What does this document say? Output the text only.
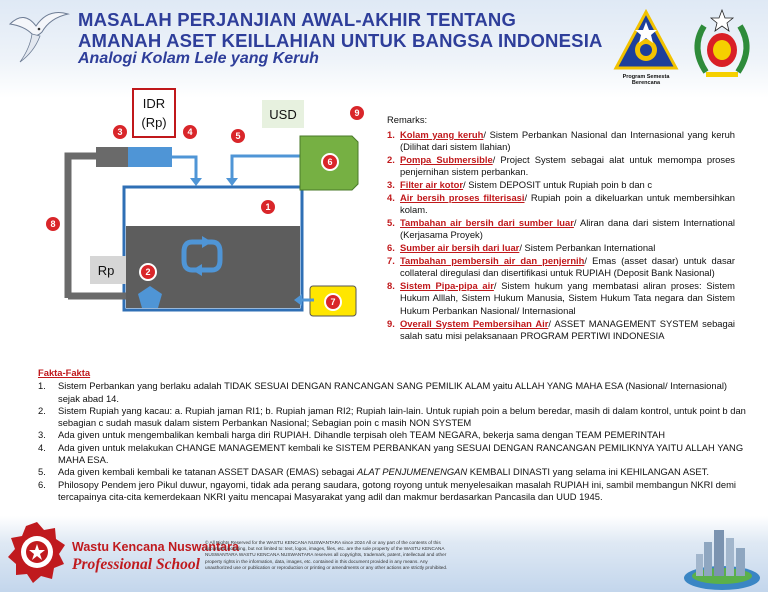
MASALAH PERJANJIAN AWAL-AKHIR TENTANG
AMANAH ASET KEILLAHIAN UNTUK BANGSA INDONESIA
Analogi Kolam Lele yang Keruh
Program Semesta Berencana
1
2
3	4	5
6
7
8
9
IDR
(Rp)
USD
Rp
Remarks:
1. Kolam yang keruh/ Sistem Perbankan Nasional dan Internasional yang keruh (Dilihat dari sistem Ilahian)
2. Pompa Submersible/ Project System sebagai alat untuk memompa proses penjernihan sistem perbankan.
3. Filter air kotor/ Sistem DEPOSIT untuk Rupiah poin b dan c
4. Air bersih proses filterisasi/ Rupiah poin a dikeluarkan untuk membersihkan kolam.
5. Tambahan air bersih dari sumber luar/ Aliran dana dari sistem International (Kerjasama Proyek)
6. Sumber air bersih dari luar/ Sistem Perbankan International
7. Tambahan pembersih air dan penjernih/ Emas (asset dasar) untuk dasar collateral diregulasi dan disertifikasi untuk RUPIAH (Deposit Bank Nasional)
8. Sistem Pipa-pipa air/ Sistem hukum yang membatasi aliran proses: Sistem Hukum Alllah, Sistem Hukum Manusia, Sistem Hukum Tata negara dan Sistem Hukum Perbankan Nasional/ Internasional
9. Overall System Pembersihan Air/ ASSET MANAGEMENT SYSTEM sebagai salah satu misi pelaksanaan PROGRAM PERTIWI INDONESIA
Fakta-Fakta
1. Sistem Perbankan yang berlaku adalah TIDAK SESUAI DENGAN RANCANGAN SANG PEMILIK ALAM yaitu ALLAH YANG MAHA ESA (Nasional/ Internasional) sejak abad 14.
2. Sistem Rupiah yang kacau: a. Rupiah jaman RI1; b. Rupiah jaman RI2; Rupiah lain-lain. Untuk rupiah poin a belum beredar, masih di dalam kontrol, untuk point b dan sebagian c sudah masuk dalam sistem Perbankan Nasional; Sebagian poin c masih NON SYSTEM
3. Ada given untuk mengembalikan kembali harga diri RUPIAH. Dihandle terpisah oleh TEAM NEGARA, bekerja sama dengan TEAM PEMERINTAH
4. Ada given untuk melakukan CHANGE MANAGEMENT kembali ke SISTEM PERBANKAN yang SESUAI DENGAN RANCANGAN PEMILIKNYA YAITU ALLAH YANG MAHA ESA.
5. Ada given kembali kembali ke tatanan ASSET DASAR (EMAS) sebagai ALAT PENJUMENENGAN KEMBALI DINASTI yang selama ini KEHILANGAN ASET.
6. Philosopy Pendem jero Pikul duwur, ngayomi, tidak ada perang saudara, gotong royong untuk menyelesaikan masalah RUPIAH ini, sambil membangun NKRI demi tercapainya cita-cita kemerdekaan NKRI yaitu mencapai Masyarakat yang adil dan makmur berdasarkan Pancasila dan UUD 1945.
Wastu Kencana Nuswantara
Professional School
© All Rights Reserved for the WASTU KENCANA NUSWANTARA since 2024 All or any part of the contents of this document including, but not limited to: text, logos, images, files, etc. are the sole property of the WASTU KENCANA NUSWANTARA WASTU KENCANA NUSWANTARA reserves all copyrights, trademark, patent, intellectual and other property rights in the information, data, images, etc. contained in this document provided in any means. Any unauthorized use or publication or reproduction or printing or amendments or any other actions are strictly prohibited.
